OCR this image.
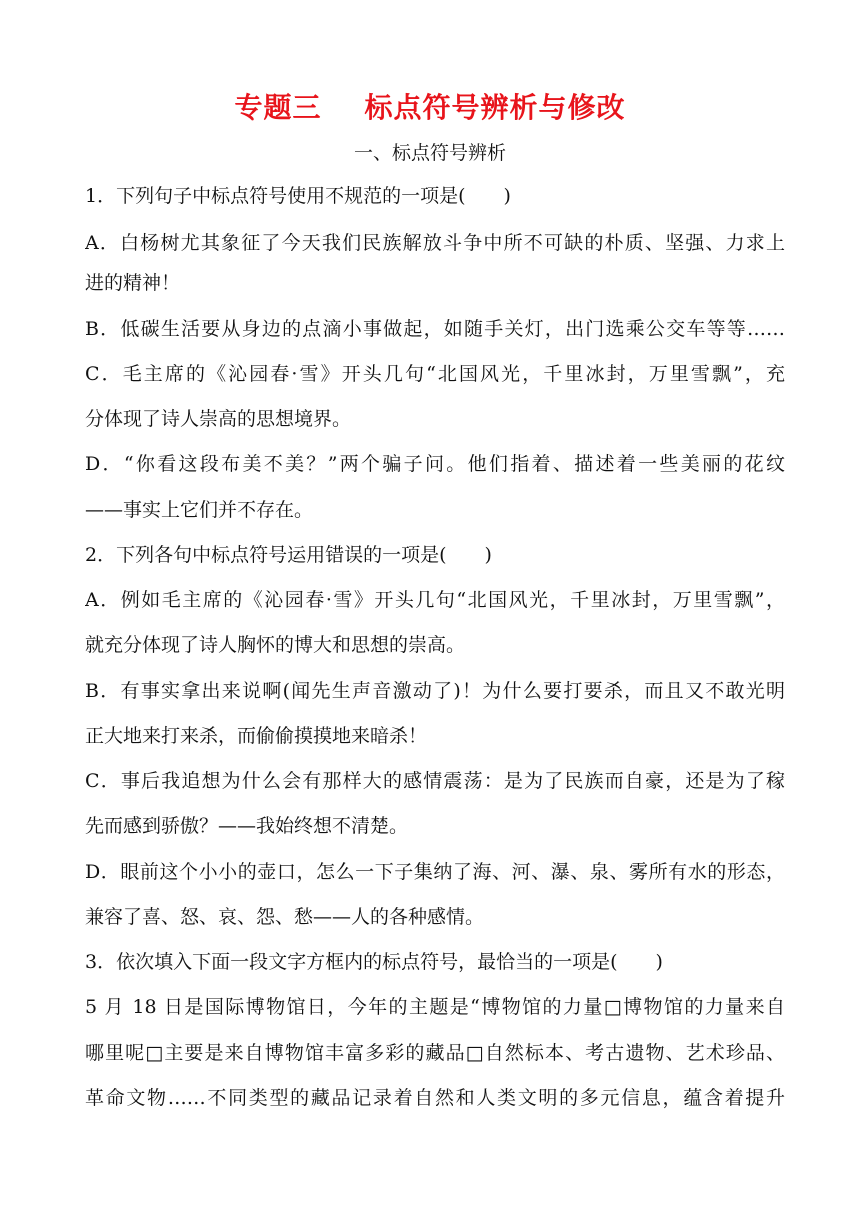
专题三    标点符号辨析与修改
一、标点符号辨析
1．下列句子中标点符号使用不规范的一项是(　　)
A．白杨树尤其象征了今天我们民族解放斗争中所不可缺的朴质、坚强、力求上
进的精神！
B．低碳生活要从身边的点滴小事做起，如随手关灯，出门选乘公交车等等……
C．毛主席的《沁园春·雪》开头几句“北国风光，千里冰封，万里雪飘”，充
分体现了诗人崇高的思想境界。
D．“你看这段布美不美？”两个骗子问。他们指着、描述着一些美丽的花纹
——事实上它们并不存在。
2．下列各句中标点符号运用错误的一项是(　　)
A．例如毛主席的《沁园春·雪》开头几句“北国风光，千里冰封，万里雪飘”，
就充分体现了诗人胸怀的博大和思想的崇高。
B．有事实拿出来说啊(闻先生声音激动了)！为什么要打要杀，而且又不敢光明
正大地来打来杀，而偷偷摸摸地来暗杀！
C．事后我追想为什么会有那样大的感情震荡：是为了民族而自豪，还是为了稼
先而感到骄傲？——我始终想不清楚。
D．眼前这个小小的壶口，怎么一下子集纳了海、河、瀑、泉、雾所有水的形态，
兼容了喜、怒、哀、怨、愁——人的各种感情。
3．依次填入下面一段文字方框内的标点符号，最恰当的一项是(　　)
5 月 18 日是国际博物馆日，今年的主题是“博物馆的力量□博物馆的力量来自
哪里呢□主要是来自博物馆丰富多彩的藏品□自然标本、考古遗物、艺术珍品、
革命文物……不同类型的藏品记录着自然和人类文明的多元信息，蕴含着提升
